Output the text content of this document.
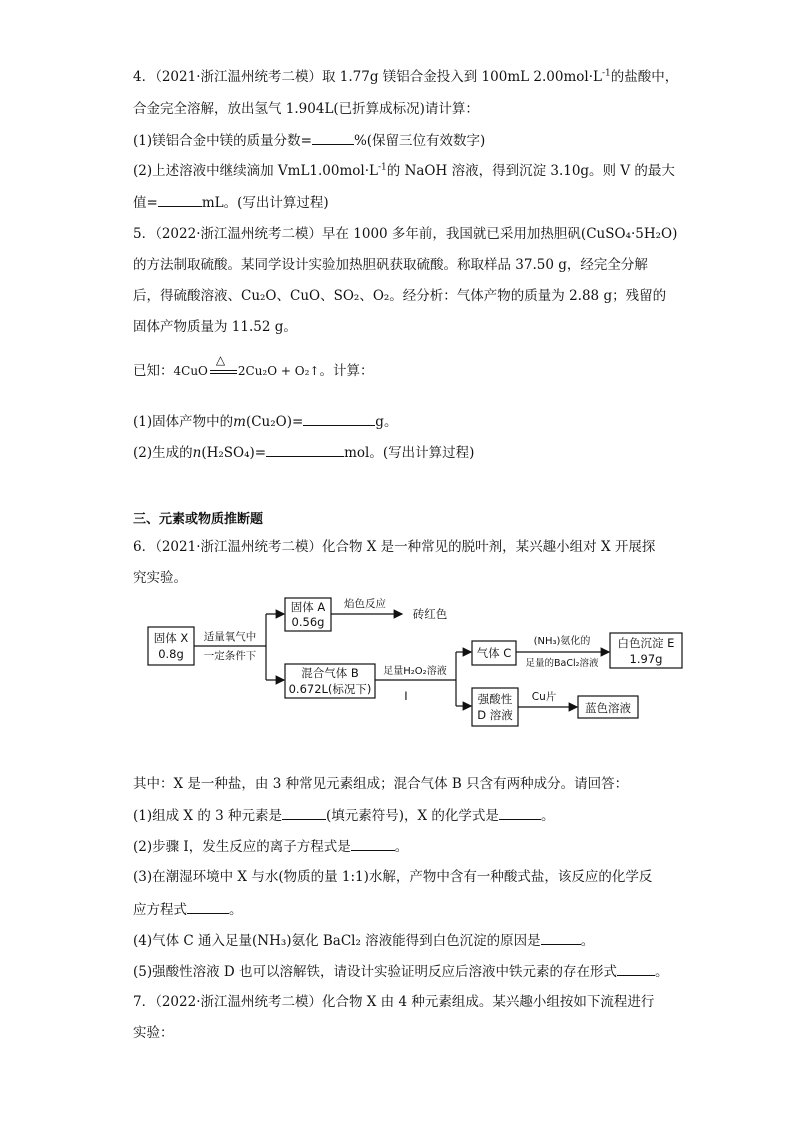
4．（2021·浙江温州统考二模）取 1.77g 镁铝合金投入到 100mL $2.00mol\cdot L^{-1}$的盐酸中，
合金完全溶解，放出氢气 1.904L(已折算成标况)请计算：
(1)镁铝合金中镁的质量分数=	%(保留三位有效数字)
(2)上述溶液中继续滴加 $VmL1.00mol\cdot L^{-1}$的 NaOH 溶液，得到沉淀 3.10g。则 V 的最大
值=	mL。(写出计算过程)
5．（2022·浙江温州统考二模）早在 1000 多年前，我国就已采用加热胆矾(CuSO₄·5H₂O)
的方法制取硫酸。某同学设计实验加热胆矾获取硫酸。称取样品 37.50 g，经完全分解
后，得硫酸溶液、Cu₂O、CuO、SO₂、O₂。经分析：气体产物的质量为 2.88 g；残留的
固体产物质量为 11.52 g。
已知：4CuO
△
2Cu₂O + O₂↑。计算：
(1)固体产物中的m(Cu₂O)=	g。
(2)生成的n(H₂SO₄)=	mol。(写出计算过程)
三、元素或物质推断题
6．（2021·浙江温州统考二模）化合物 X 是一种常见的脱叶剂，某兴趣小组对 X 开展探
究实验。
固体 X
0.8g
适量氧气中
一定条件下
固体 A
0.56g
焰色反应
砖红色
混合气体 B
0.672L(标况下)
足量H₂O₂溶液
I
气体 C
(NH₃)氨化的
足量的BaCl₂溶液
白色沉淀 E
1.97g
强酸性
D 溶液
Cu片
蓝色溶液
其中：X 是一种盐，由 3 种常见元素组成；混合气体 B 只含有两种成分。请回答：
(1)组成 X 的 3 种元素是	(填元素符号)，X 的化学式是	。
(2)步骤 I，发生反应的离子方程式是	。
(3)在潮湿环境中 X 与水(物质的量 1:1)水解，产物中含有一种酸式盐，该反应的化学反
应方程式	。
(4)气体 C 通入足量(NH₃)氨化 BaCl₂ 溶液能得到白色沉淀的原因是	。
(5)强酸性溶液 D 也可以溶解铁，请设计实验证明反应后溶液中铁元素的存在形式	。
7．（2022·浙江温州统考二模）化合物 X 由 4 种元素组成。某兴趣小组按如下流程进行
实验：
